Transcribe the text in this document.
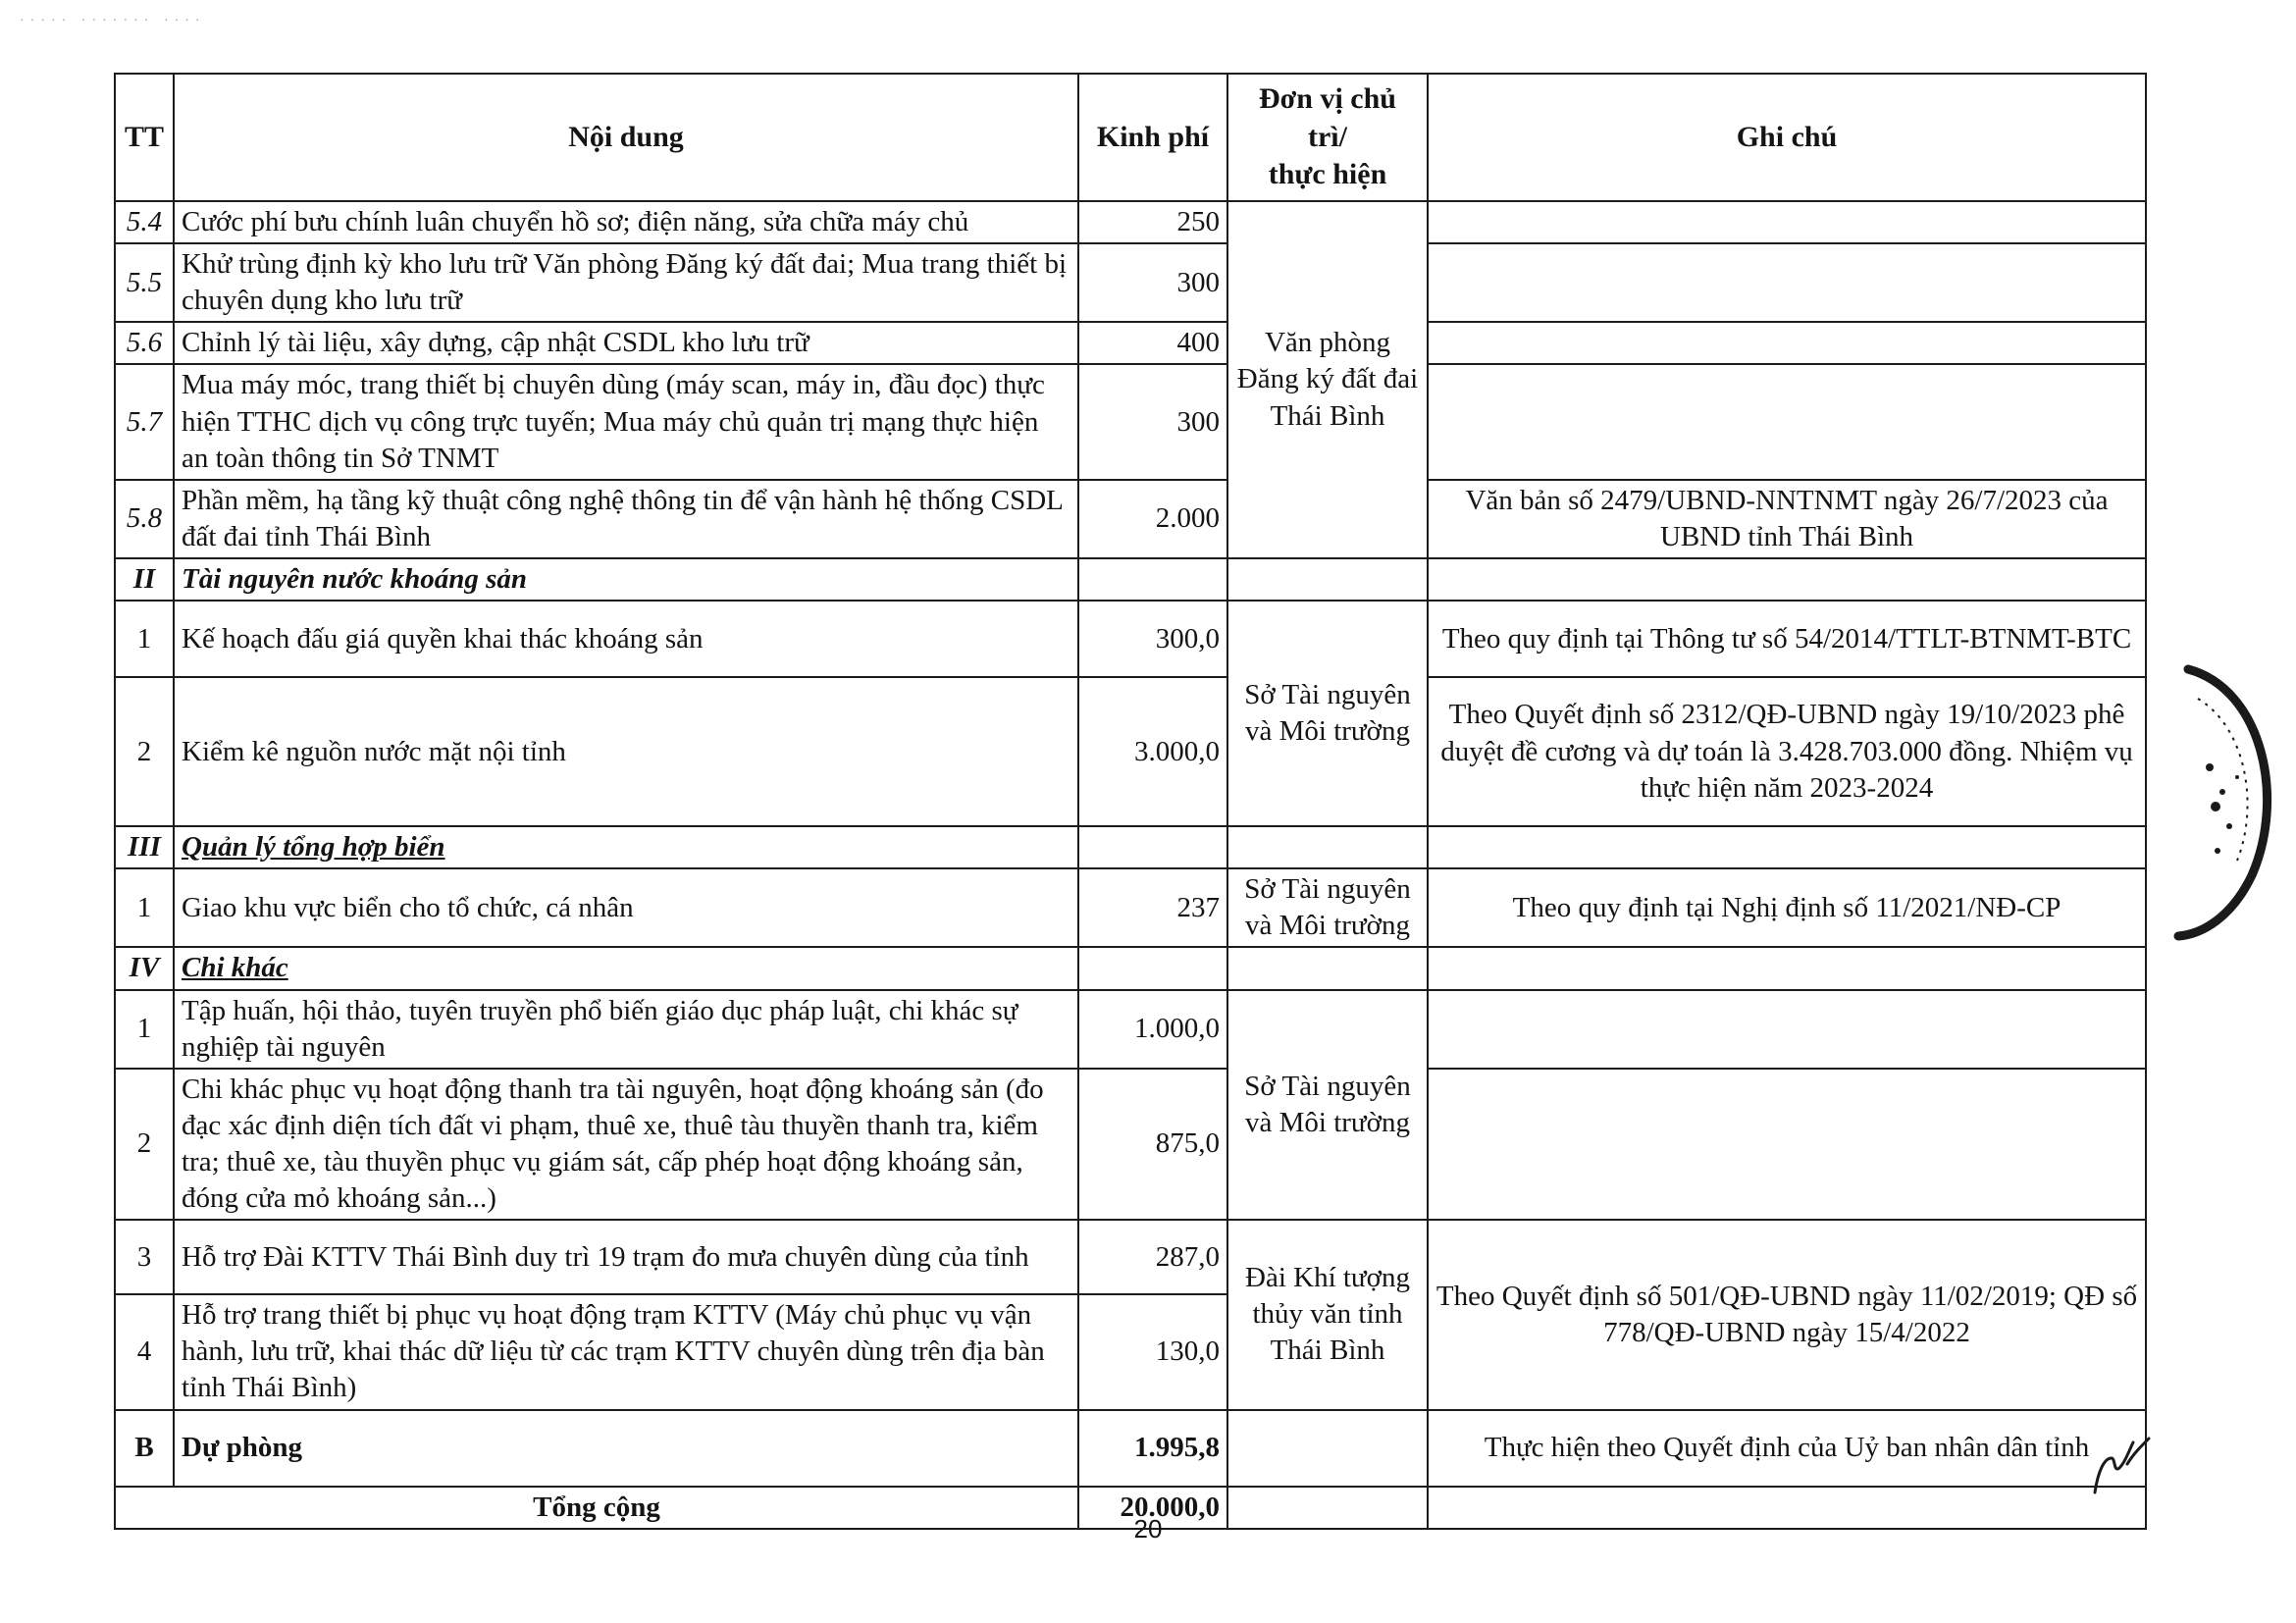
····· ······· ····
TT	Nội dung	Kinh phí	Đơn vị chủ
trì/
thực hiện	Ghi chú
5.4	Cước phí bưu chính luân chuyển hồ sơ; điện năng, sửa chữa máy chủ	250	Văn phòng Đăng ký đất đai Thái Bình	
5.5	Khử trùng định kỳ kho lưu trữ Văn phòng Đăng ký đất đai; Mua trang thiết bị chuyên dụng kho lưu trữ	300		
5.6	Chỉnh lý tài liệu, xây dựng, cập nhật CSDL kho lưu trữ	400		
5.7	Mua máy móc, trang thiết bị chuyên dùng (máy scan, máy in, đầu đọc) thực hiện TTHC dịch vụ công trực tuyến; Mua máy chủ quản trị mạng thực hiện an toàn thông tin Sở TNMT	300		
5.8	Phần mềm, hạ tầng kỹ thuật công nghệ thông tin để vận hành hệ thống CSDL đất đai tỉnh Thái Bình	2.000		Văn bản số 2479/UBND-NNTNMT ngày 26/7/2023 của UBND tỉnh Thái Bình
II	Tài nguyên nước khoáng sản			
1	Kế hoạch đấu giá quyền khai thác khoáng sản	300,0	Sở Tài nguyên và Môi trường	Theo quy định tại Thông tư số 54/2014/TTLT-BTNMT-BTC
2	Kiểm kê nguồn nước mặt nội tỉnh	3.000,0		Theo Quyết định số 2312/QĐ-UBND ngày 19/10/2023 phê duyệt đề cương và dự toán là 3.428.703.000 đồng. Nhiệm vụ thực hiện năm 2023-2024
III	Quản lý tổng hợp biển			
1	Giao khu vực biển cho tổ chức, cá nhân	237	Sở Tài nguyên và Môi trường	Theo quy định tại Nghị định số 11/2021/NĐ-CP
IV	Chi khác			
1	Tập huấn, hội thảo, tuyên truyền phổ biến giáo dục pháp luật, chi khác sự nghiệp tài nguyên	1.000,0	Sở Tài nguyên và Môi trường	
2	Chi khác phục vụ hoạt động thanh tra tài nguyên, hoạt động khoáng sản (đo đạc xác định diện tích đất vi phạm, thuê xe, thuê tàu thuyền thanh tra, kiểm tra; thuê xe, tàu thuyền phục vụ giám sát, cấp phép hoạt động khoáng sản, đóng cửa mỏ khoáng sản...)	875,0		
3	Hỗ trợ Đài KTTV Thái Bình duy trì 19 trạm đo mưa chuyên dùng của tỉnh	287,0	Đài Khí tượng thủy văn tỉnh Thái Bình	Theo Quyết định số 501/QĐ-UBND ngày 11/02/2019; QĐ số 778/QĐ-UBND ngày 15/4/2022
4	Hỗ trợ trang thiết bị phục vụ hoạt động trạm KTTV (Máy chủ phục vụ vận hành, lưu trữ, khai thác dữ liệu từ các trạm KTTV chuyên dùng trên địa bàn tỉnh Thái Bình)	130,0		
B	Dự phòng	1.995,8		Thực hiện theo Quyết định của Uỷ ban nhân dân tỉnh
Tổng cộng		20.000,0		
20
